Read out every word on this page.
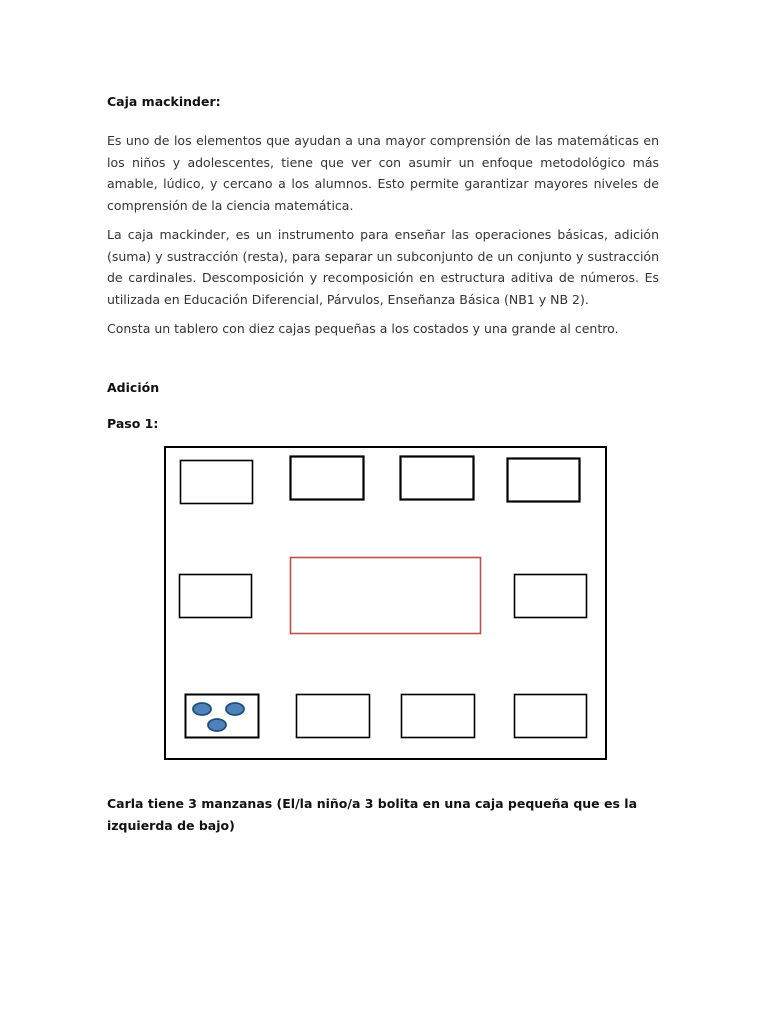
Caja mackinder:

Es uno de los elementos que ayudan a una mayor comprensión de las matemáticas en los niños y adolescentes, tiene que ver con asumir un enfoque metodológico más amable, lúdico, y cercano a los alumnos. Esto permite garantizar mayores niveles de comprensión de la ciencia matemática.

La caja mackinder, es un instrumento para enseñar las operaciones básicas, adición (suma) y sustracción (resta), para separar un subconjunto de un conjunto y sustracción de cardinales. Descomposición y recomposición en estructura aditiva de números. Es utilizada en Educación Diferencial, Párvulos, Enseñanza Básica (NB1 y NB 2).

Consta un tablero con diez cajas pequeñas a los costados y una grande al centro.

Adición
Paso 1:

Carla tiene 3 manzanas (El/la niño/a 3 bolita en una caja pequeña que es la izquierda de bajo)
